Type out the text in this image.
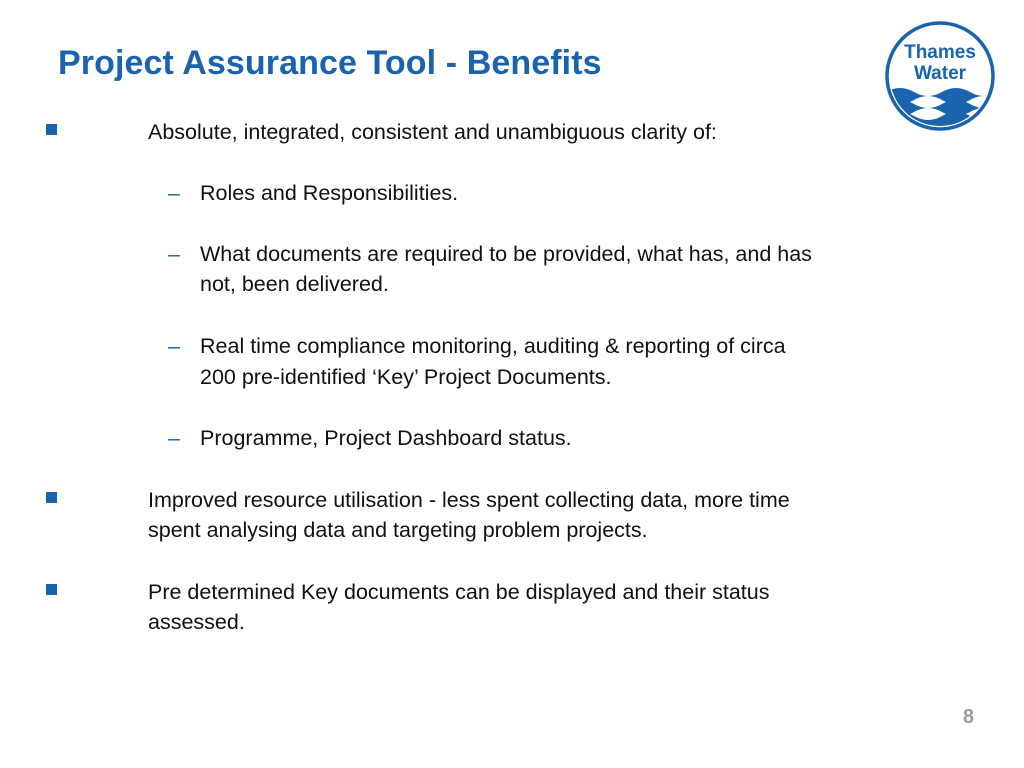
Project Assurance Tool - Benefits	Thames
Water
Absolute, integrated, consistent and unambiguous clarity of:
– Roles and Responsibilities.
– What documents are required to be provided, what has, and has
not, been delivered.
– Real time compliance monitoring, auditing & reporting of circa
200 pre-identified ‘Key’ Project Documents.
– Programme, Project Dashboard status.
Improved resource utilisation - less spent collecting data, more time
spent analysing data and targeting problem projects.
Pre determined Key documents can be displayed and their status
assessed.
8
